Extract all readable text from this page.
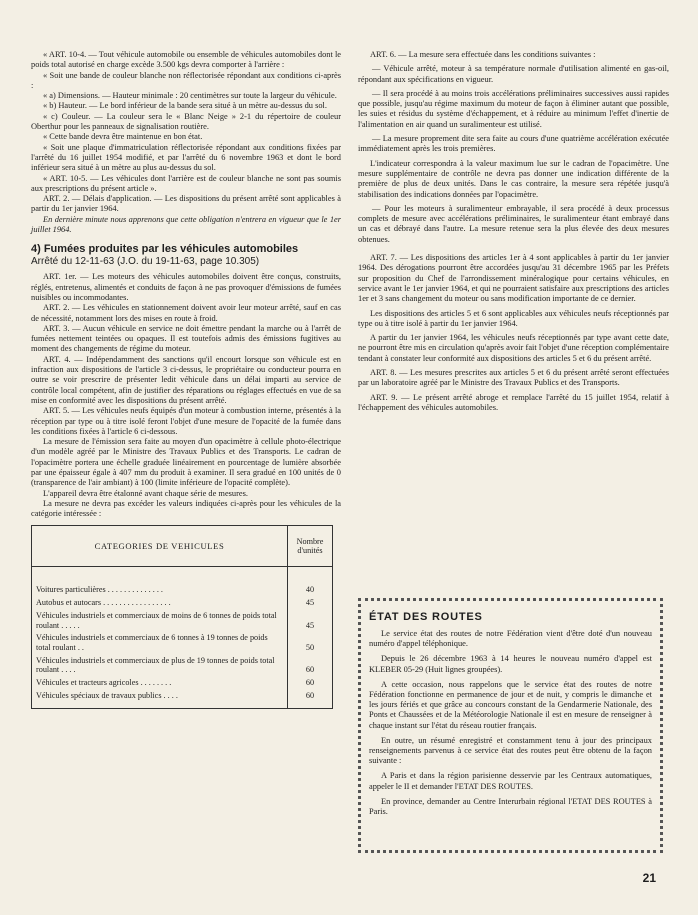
« ART. 10-4. — Tout véhicule automobile ou ensemble de véhicules automobiles dont le poids total autorisé en charge excède 3.500 kgs devra comporter à l'arrière :

« Soit une bande de couleur blanche non réflectorisée répondant aux conditions ci-après :

« a) Dimensions. — Hauteur minimale : 20 centimètres sur toute la largeur du véhicule.

« b) Hauteur. — Le bord inférieur de la bande sera situé à un mètre au-dessus du sol.

« c) Couleur. — La couleur sera le « Blanc Neige » 2-1 du répertoire de couleur Oberthur pour les panneaux de signalisation routière.

« Cette bande devra être maintenue en bon état.

« Soit une plaque d'immatriculation réflectorisée répondant aux conditions fixées par l'arrêté du 16 juillet 1954 modifié, et par l'arrêté du 6 novembre 1963 et dont le bord inférieur sera situé à un mètre au plus au-dessus du sol.

« ART. 10-5. — Les véhicules dont l'arrière est de couleur blanche ne sont pas soumis aux prescriptions du présent article ».

ART. 2. — Délais d'application. — Les dispositions du présent arrêté sont applicables à partir du 1er janvier 1964.

En dernière minute nous apprenons que cette obligation n'entrera en vigueur que le 1er juillet 1964.

4) Fumées produites par les véhicules automobiles
Arrêté du 12-11-63 (J.O. du 19-11-63, page 10.305)

ART. 1er. — Les moteurs des véhicules automobiles doivent être conçus, construits, réglés, entretenus, alimentés et conduits de façon à ne pas provoquer d'émissions de fumées nuisibles ou incommodantes.

ART. 2. — Les véhicules en stationnement doivent avoir leur moteur arrêté, sauf en cas de nécessité, notamment lors des mises en route à froid.

ART. 3. — Aucun véhicule en service ne doit émettre pendant la marche ou à l'arrêt de fumées nettement teintées ou opaques. Il est toutefois admis des émissions fugitives au moment des changements de régime du moteur.

ART. 4. — Indépendamment des sanctions qu'il encourt lorsque son véhicule est en infraction aux dispositions de l'article 3 ci-dessus, le propriétaire ou conducteur pourra en outre se voir prescrire de présenter ledit véhicule dans un délai imparti au service de contrôle local compétent, afin de justifier des réparations ou réglages effectués en vue de sa mise en conformité avec les dispositions du présent arrêté.

ART. 5. — Les véhicules neufs équipés d'un moteur à combustion interne, présentés à la réception par type ou à titre isolé feront l'objet d'une mesure de l'opacité de la fumée dans les conditions fixées à l'article 6 ci-dessous.

La mesure de l'émission sera faite au moyen d'un opacimètre à cellule photo-électrique d'un modèle agréé par le Ministre des Travaux Publics et des Transports. Le cadran de l'opacimètre portera une échelle graduée linéairement en pourcentage de lumière absorbée par une épaisseur égale à 407 mm du produit à examiner. Il sera gradué en 100 unités de 0 (transparence de l'air ambiant) à 100 (limite inférieure de l'opacité complète).

L'appareil devra être étalonné avant chaque série de mesures.

La mesure ne devra pas excéder les valeurs indiquées ci-après pour les véhicules de la catégorie intéressée :

CATEGORIES DE VEHICULES	Nombre d'unités
Voitures particulières . . . . . . . . . . . . . .
Autobus et autocars . . . . . . . . . . . . . . . . .
Véhicules industriels et commerciaux de moins de 6 tonnes de poids total roulant . . . . .
Véhicules industriels et commerciaux de 6 tonnes à 19 tonnes de poids total roulant . .
Véhicules industriels et commerciaux de plus de 19 tonnes de poids total roulant . . . .
Véhicules et tracteurs agricoles . . . . . . . .
Véhicules spéciaux de travaux publics . . . .
40
45
45
50
60
60
60

ART. 6. — La mesure sera effectuée dans les conditions suivantes :

— Véhicule arrêté, moteur à sa température normale d'utilisation alimenté en gas-oil, répondant aux spécifications en vigueur.

— Il sera procédé à au moins trois accélérations préliminaires successives aussi rapides que possible, jusqu'au régime maximum du moteur de façon à éliminer autant que possible, les suies et résidus du système d'échappement, et à réduire au minimum l'effet d'inertie de l'alimentation en air quand un suralimenteur est utilisé.

— La mesure proprement dite sera faite au cours d'une quatrième accélération exécutée immédiatement après les trois premières.

L'indicateur correspondra à la valeur maximum lue sur le cadran de l'opacimètre. Une mesure supplémentaire de contrôle ne devra pas donner une indication différente de la première de plus de deux unités. Dans le cas contraire, la mesure sera répétée jusqu'à stabilisation des indications données par l'opacimètre.

— Pour les moteurs à suralimenteur embrayable, il sera procédé à deux processus complets de mesure avec accélérations préliminaires, le suralimenteur étant embrayé dans un cas et débrayé dans l'autre. La mesure retenue sera la plus élevée des deux mesures obtenues.

ART. 7. — Les dispositions des articles 1er à 4 sont applicables à partir du 1er janvier 1964. Des dérogations pourront être accordées jusqu'au 31 décembre 1965 par les Préfets sur proposition du Chef de l'arrondissement minéralogique pour certains véhicules, en service avant le 1er janvier 1964, et qui ne pourraient satisfaire aux prescriptions des articles 1er et 3 sans changement du moteur ou sans modification importante de ce dernier.

Les dispositions des articles 5 et 6 sont applicables aux véhicules neufs réceptionnés par type ou à titre isolé à partir du 1er janvier 1964.

A partir du 1er janvier 1964, les véhicules neufs réceptionnés par type avant cette date, ne pourront être mis en circulation qu'après avoir fait l'objet d'une réception complémentaire tendant à constater leur conformité aux dispositions des articles 5 et 6 du présent arrêté.

ART. 8. — Les mesures prescrites aux articles 5 et 6 du présent arrêté seront effectuées par un laboratoire agréé par le Ministre des Travaux Publics et des Transports.

ART. 9. — Le présent arrêté abroge et remplace l'arrêté du 15 juillet 1954, relatif à l'échappement des véhicules automobiles.

ÉTAT DES ROUTES

Le service état des routes de notre Fédération vient d'être doté d'un nouveau numéro d'appel téléphonique.

Depuis le 26 décembre 1963 à 14 heures le nouveau numéro d'appel est KLEBER 05-29 (Huit lignes groupées).

A cette occasion, nous rappelons que le service état des routes de notre Fédération fonctionne en permanence de jour et de nuit, y compris le dimanche et les jours fériés et que grâce au concours constant de la Gendarmerie Nationale, des Ponts et Chaussées et de la Météorologie Nationale il est en mesure de renseigner à chaque instant sur l'état du réseau routier français.

En outre, un résumé enregistré et constamment tenu à jour des principaux renseignements parvenus à ce service état des routes peut être obtenu de la façon suivante :

A Paris et dans la région parisienne desservie par les Centraux automatiques, appeler le II et demander l'ETAT DES ROUTES.

En province, demander au Centre Interurbain régional l'ETAT DES ROUTES à Paris.

21
